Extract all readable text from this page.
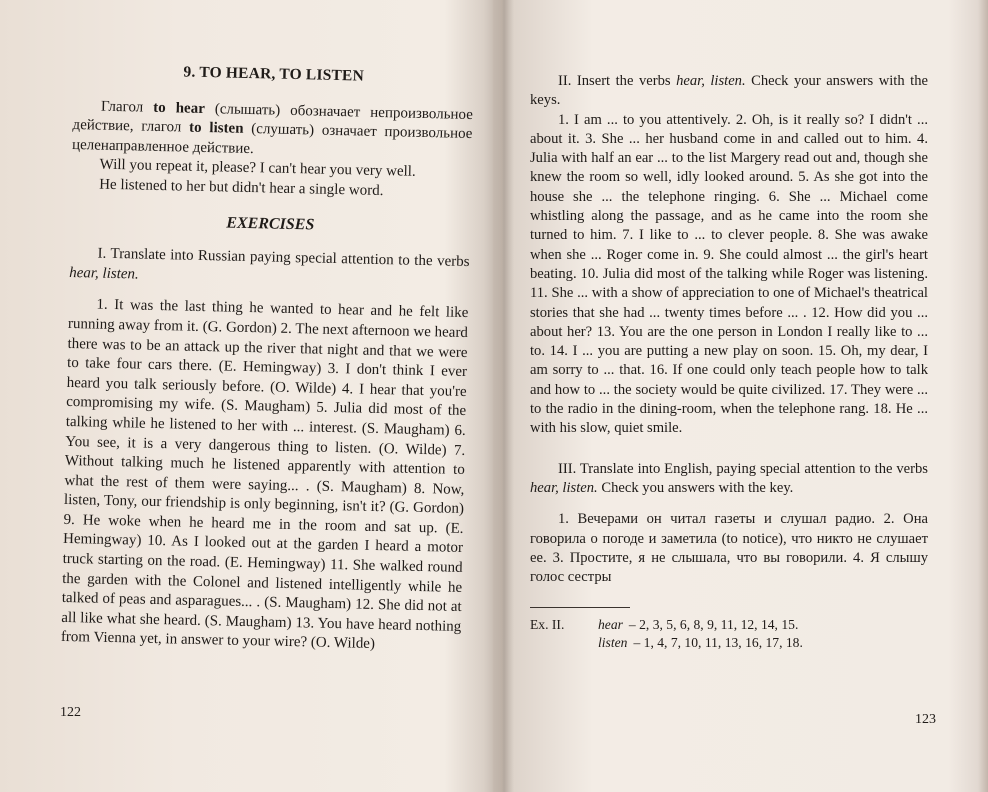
9. TO HEAR, TO LISTEN

Глагол to hear (слышать) обозначает непроизвольное действие, глагол to listen (слушать) означает произвольное целенаправленное действие.

Will you repeat it, please? I can't hear you very well.

He listened to her but didn't hear a single word.

EXERCISES

I. Translate into Russian paying special attention to the verbs hear, listen.

1. It was the last thing he wanted to hear and he felt like running away from it. (G. Gordon) 2. The next afternoon we heard there was to be an attack up the river that night and that we were to take four cars there. (E. Hemingway) 3. I don't think I ever heard you talk seriously before. (O. Wilde) 4. I hear that you're compromising my wife. (S. Maugham) 5. Julia did most of the talking while he listened to her with ... interest. (S. Maugham) 6. You see, it is a very dangerous thing to listen. (O. Wilde) 7. Without talking much he listened apparently with attention to what the rest of them were saying... . (S. Maugham) 8. Now, listen, Tony, our friendship is only beginning, isn't it? (G. Gordon) 9. He woke when he heard me in the room and sat up. (E. Hemingway) 10. As I looked out at the garden I heard a motor truck starting on the road. (E. Hemingway) 11. She walked round the garden with the Colonel and listened intelligently while he talked of peas and asparagues... . (S. Maugham) 12. She did not at all like what she heard. (S. Maugham) 13. You have heard nothing from Vienna yet, in answer to your wire? (O. Wilde)

122

II. Insert the verbs hear, listen. Check your answers with the keys.

1. I am ... to you attentively. 2. Oh, is it really so? I didn't ... about it. 3. She ... her husband come in and called out to him. 4. Julia with half an ear ... to the list Margery read out and, though she knew the room so well, idly looked around. 5. As she got into the house she ... the telephone ringing. 6. She ... Michael come whistling along the passage, and as he came into the room she turned to him. 7. I like to ... to clever people. 8. She was awake when she ... Roger come in. 9. She could almost ... the girl's heart beating. 10. Julia did most of the talking while Roger was listening. 11. She ... with a show of appreciation to one of Michael's theatrical stories that she had ... twenty times before ... . 12. How did you ... about her? 13. You are the one person in London I really like to ... to. 14. I ... you are putting a new play on soon. 15. Oh, my dear, I am sorry to ... that. 16. If one could only teach people how to talk and how to ... the society would be quite civilized. 17. They were ... to the radio in the dining-room, when the telephone rang. 18. He ... with his slow, quiet smile.

III. Translate into English, paying special attention to the verbs hear, listen. Check you answers with the key.

1. Вечерами он читал газеты и слушал радио. 2. Она говорила о погоде и заметила (to notice), что никто не слушает ее. 3. Простите, я не слышала, что вы говорили. 4. Я слышу голос сестры

Ex. II.	hear – 2, 3, 5, 6, 8, 9, 11, 12, 14, 15.
listen – 1, 4, 7, 10, 11, 13, 16, 17, 18.
123
